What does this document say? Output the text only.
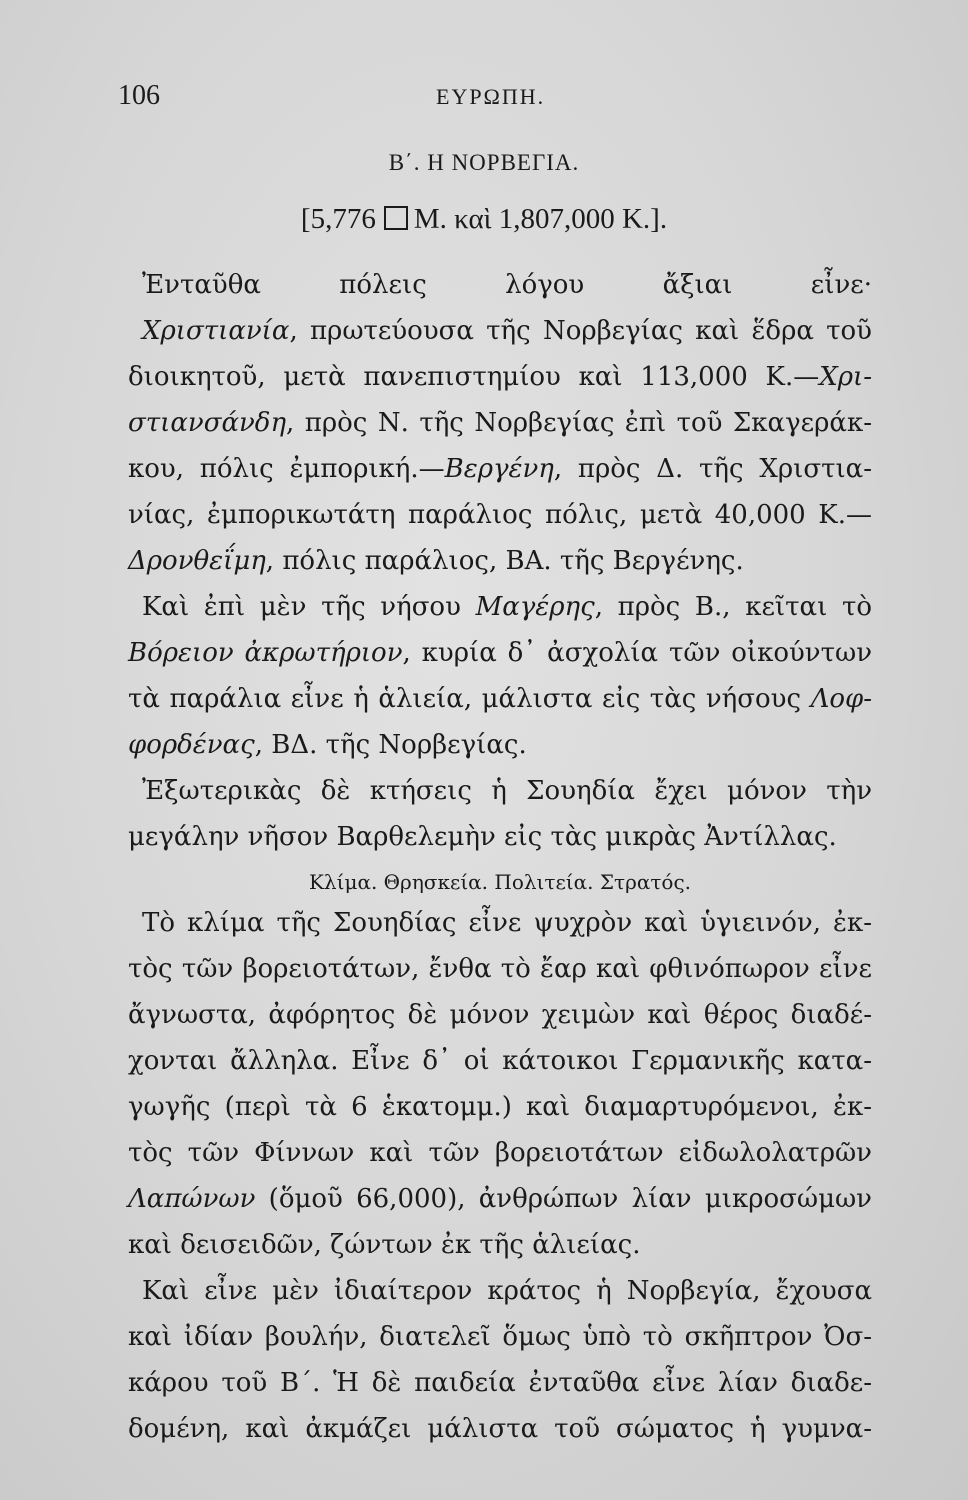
106	ΕΥΡΩΠΗ.
Β΄. Η ΝΟΡΒΕΓΙΑ.
[5,776 Μ. καὶ 1,807,000 Κ.].
Ἐνταῦθα πόλεις λόγου ἄξιαι εἶνε·
Χριστιανία, πρωτεύουσα τῆς Νορβεγίας καὶ ἕδρα τοῦ
διοικητοῦ, μετὰ πανεπιστημίου καὶ 113,000 Κ.—Χρι-
στιανσάνδη, πρὸς Ν. τῆς Νορβεγίας ἐπὶ τοῦ Σκαγεράκ-
κου, πόλις ἐμπορική.—Βεργένη, πρὸς Δ. τῆς Χριστια-
νίας, ἐμπορικωτάτη παράλιος πόλις, μετὰ 40,000 Κ.—
Δρονθεΐμη, πόλις παράλιος, ΒΑ. τῆς Βεργένης.
Καὶ ἐπὶ μὲν τῆς νήσου Μαγέρης, πρὸς Β., κεῖται τὸ
Βόρειον ἀκρωτήριον, κυρία δ᾽ ἀσχολία τῶν οἰκούντων
τὰ παράλια εἶνε ἡ ἁλιεία, μάλιστα εἰς τὰς νήσους Λοφ-
φορδένας, ΒΔ. τῆς Νορβεγίας.
Ἐξωτερικὰς δὲ κτήσεις ἡ Σουηδία ἔχει μόνον τὴν
μεγάλην νῆσον Βαρθελεμὴν εἰς τὰς μικρὰς Ἀντίλλας.
Κλίμα. Θρησκεία. Πολιτεία. Στρατός.
Τὸ κλίμα τῆς Σουηδίας εἶνε ψυχρὸν καὶ ὑγιεινόν, ἐκ-
τὸς τῶν βορειοτάτων, ἔνθα τὸ ἔαρ καὶ φθινόπωρον εἶνε
ἄγνωστα, ἀφόρητος δὲ μόνον χειμὼν καὶ θέρος διαδέ-
χονται ἄλληλα. Εἶνε δ᾽ οἱ κάτοικοι Γερμανικῆς κατα-
γωγῆς (περὶ τὰ 6 ἑκατομμ.) καὶ διαμαρτυρόμενοι, ἐκ-
τὸς τῶν Φίννων καὶ τῶν βορειοτάτων εἰδωλολατρῶν
Λαπώνων (ὅμοῦ 66,000), ἀνθρώπων λίαν μικροσώμων
καὶ δεισειδῶν, ζώντων ἐκ τῆς ἁλιείας.
Καὶ εἶνε μὲν ἰδιαίτερον κράτος ἡ Νορβεγία, ἔχουσα
καὶ ἰδίαν βουλήν, διατελεῖ ὅμως ὑπὸ τὸ σκῆπτρον Ὀσ-
κάρου τοῦ Β΄. Ἡ δὲ παιδεία ἐνταῦθα εἶνε λίαν διαδε-
δομένη, καὶ ἀκμάζει μάλιστα τοῦ σώματος ἡ γυμνα-
